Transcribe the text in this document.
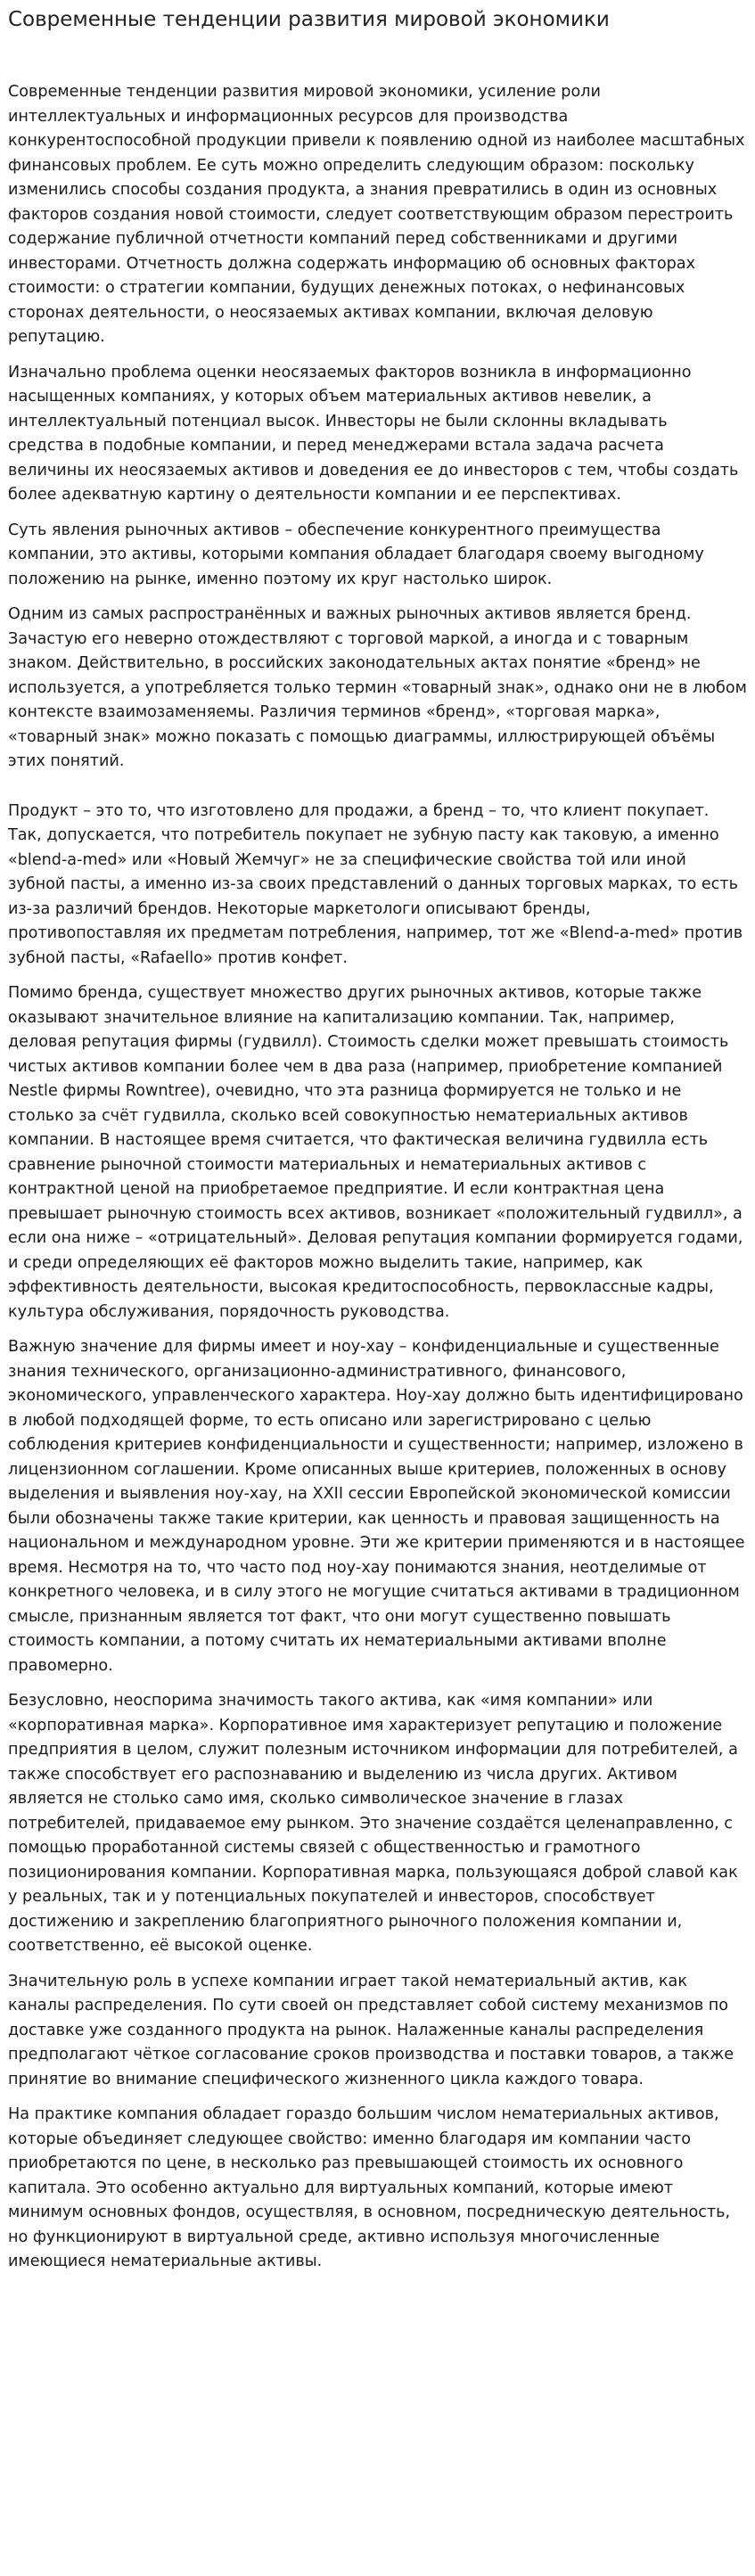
Современные тенденции развития мировой экономики

Современные тенденции развития мировой экономики, усиление роли интеллектуальных и информационных ресурсов для производства конкурентоспособной продукции привели к появлению одной из наиболее масштабных финансовых проблем. Ее суть можно определить следующим образом: поскольку изменились способы создания продукта, а знания превратились в один из основных факторов создания новой стоимости, следует соответствующим образом перестроить содержание публичной отчетности компаний перед собственниками и другими инвесторами. Отчетность должна содержать информацию об основных факторах стоимости: о стратегии компании, будущих денежных потоках, о нефинансовых сторонах деятельности, о неосязаемых активах компании, включая деловую репутацию.

Изначально проблема оценки неосязаемых факторов возникла в информационно насыщенных компаниях, у которых объем материальных активов невелик, а интеллектуальный потенциал высок. Инвесторы не были склонны вкладывать средства в подобные компании, и перед менеджерами встала задача расчета величины их неосязаемых активов и доведения ее до инвесторов с тем, чтобы создать более адекватную картину о деятельности компании и ее перспективах.

Суть явления рыночных активов – обеспечение конкурентного преимущества компании, это активы, которыми компания обладает благодаря своему выгодному положению на рынке, именно поэтому их круг настолько широк.

Одним из самых распространённых и важных рыночных активов является бренд. Зачастую его неверно отождествляют с торговой маркой, а иногда и с товарным знаком. Действительно, в российских законодательных актах понятие «бренд» не используется, а употребляется только термин «товарный знак», однако они не в любом контексте взаимозаменяемы. Различия терминов «бренд», «торговая марка», «товарный знак» можно показать с помощью диаграммы, иллюстрирующей объёмы этих понятий.

Продукт – это то, что изготовлено для продажи, а бренд – то, что клиент покупает. Так, допускается, что потребитель покупает не зубную пасту как таковую, а именно «blend-a-med» или «Новый Жемчуг» не за специфические свойства той или иной зубной пасты, а именно из-за своих представлений о данных торговых марках, то есть из-за различий брендов. Некоторые маркетологи описывают бренды, противопоставляя их предметам потребления, например, тот же «Blend-a-med» против зубной пасты, «Rafaello» против конфет.

Помимо бренда, существует множество других рыночных активов, которые также оказывают значительное влияние на капитализацию компании. Так, например, деловая репутация фирмы (гудвилл). Стоимость сделки может превышать стоимость чистых активов компании более чем в два раза (например, приобретение компанией Nestle фирмы Rowntree), очевидно, что эта разница формируется не только и не столько за счёт гудвилла, сколько всей совокупностью нематериальных активов компании. В настоящее время считается, что фактическая величина гудвилла есть сравнение рыночной стоимости материальных и нематериальных активов с контрактной ценой на приобретаемое предприятие. И если контрактная цена превышает рыночную стоимость всех активов, возникает «положительный гудвилл», а если она ниже – «отрицательный». Деловая репутация компании формируется годами, и среди определяющих её факторов можно выделить такие, например, как эффективность деятельности, высокая кредитоспособность, первоклассные кадры, культура обслуживания, порядочность руководства.

Важную значение для фирмы имеет и ноу-хау – конфиденциальные и существенные знания технического, организационно-административного, финансового, экономического, управленческого характера. Ноу-хау должно быть идентифицировано в любой подходящей форме, то есть описано или зарегистрировано с целью соблюдения критериев конфиденциальности и существенности; например, изложено в лицензионном соглашении. Кроме описанных выше критериев, положенных в основу выделения и выявления ноу-хау, на XXII сессии Европейской экономической комиссии были обозначены также такие критерии, как ценность и правовая защищенность на национальном и международном уровне. Эти же критерии применяются и в настоящее время. Несмотря на то, что часто под ноу-хау понимаются знания, неотделимые от конкретного человека, и в силу этого не могущие считаться активами в традиционном смысле, признанным является тот факт, что они могут существенно повышать стоимость компании, а потому считать их нематериальными активами вполне правомерно.

Безусловно, неоспорима значимость такого актива, как «имя компании» или «корпоративная марка». Корпоративное имя характеризует репутацию и положение предприятия в целом, служит полезным источником информации для потребителей, а также способствует его распознаванию и выделению из числа других. Активом является не столько само имя, сколько символическое значение в глазах потребителей, придаваемое ему рынком. Это значение создаётся целенаправленно, с помощью проработанной системы связей с общественностью и грамотного позиционирования компании. Корпоративная марка, пользующаяся доброй славой как у реальных, так и у потенциальных покупателей и инвесторов, способствует достижению и закреплению благоприятного рыночного положения компании и, соответственно, её высокой оценке.

Значительную роль в успехе компании играет такой нематериальный актив, как каналы распределения. По сути своей он представляет собой систему механизмов по доставке уже созданного продукта на рынок. Налаженные каналы распределения предполагают чёткое согласование сроков производства и поставки товаров, а также принятие во внимание специфического жизненного цикла каждого товара.

На практике компания обладает гораздо большим числом нематериальных активов, которые объединяет следующее свойство: именно благодаря им компании часто приобретаются по цене, в несколько раз превышающей стоимость их основного капитала. Это особенно актуально для виртуальных компаний, которые имеют минимум основных фондов, осуществляя, в основном, посредническую деятельность, но функционируют в виртуальной среде, активно используя многочисленные имеющиеся нематериальные активы.
